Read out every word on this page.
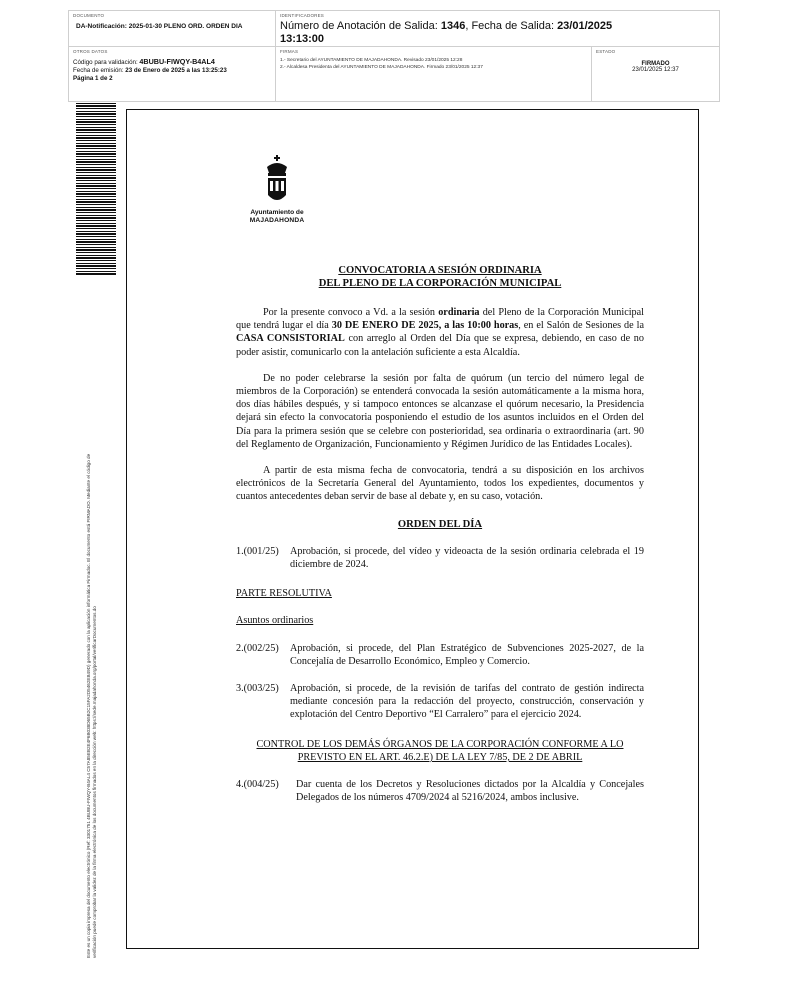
DOCUMENTO
DA-Notificación: 2025-01-30 PLENO ORD. ORDEN DIA
IDENTIFICADORES
Número de Anotación de Salida: 1346, Fecha de Salida: 23/01/2025
13:13:00
OTROS DATOS
Código para validación: 4BUBU-FIWQY-B4AL4
Fecha de emisión: 23 de Enero de 2025 a las 13:25:23
Página 1 de 2
FIRMAS
1.- Secretario del AYUNTAMIENTO DE MAJADAHONDA. Revisado 23/01/2025 12:28
2.- Alcaldesa Presidenta del AYUNTAMIENTO DE MAJADAHONDA. Firmado 23/01/2025 12:37
ESTADO
FIRMADO
23/01/2025 12:37
Este es un copia impresa del documento electrónico (Ref: 3301751 4BUBU-FIWQY-B4AL4 C57A85EB2E4F6B038D65B2C15FA2D5462EB49D) generado con la aplicación informática Firmadoc. El documento está FIRMADO. Mediante el código de verificación puede comprobar la validez de la firma electrónica de los documentos firmados en la dirección web: https://sede.majadahonda.org/portal/verificarDocumentos.do
Ayuntamiento de
MAJADAHONDA

CONVOCATORIA A SESIÓN ORDINARIA

DEL PLENO DE LA CORPORACIÓN MUNICIPAL

Por la presente convoco a Vd. a la sesión ordinaria del Pleno de la Corporación Municipal que tendrá lugar el día 30 DE ENERO DE 2025, a las 10:00 horas, en el Salón de Sesiones de la CASA CONSISTORIAL con arreglo al Orden del Día que se expresa, debiendo, en caso de no poder asistir, comunicarlo con la antelación suficiente a esta Alcaldía.

De no poder celebrarse la sesión por falta de quórum (un tercio del número legal de miembros de la Corporación) se entenderá convocada la sesión automáticamente a la misma hora, dos días hábiles después, y si tampoco entonces se alcanzase el quórum necesario, la Presidencia dejará sin efecto la convocatoria posponiendo el estudio de los asuntos incluidos en el Orden del Día para la primera sesión que se celebre con posterioridad, sea ordinaria o extraordinaria (art. 90 del Reglamento de Organización, Funcionamiento y Régimen Jurídico de las Entidades Locales).

A partir de esta misma fecha de convocatoria, tendrá a su disposición en los archivos electrónicos de la Secretaría General del Ayuntamiento, todos los expedientes, documentos y cuantos antecedentes deban servir de base al debate y, en su caso, votación.

ORDEN DEL DÍA

1.(001/25)	Aprobación, si procede, del vídeo y videoacta de la sesión ordinaria celebrada el 19 diciembre de 2024.

PARTE RESOLUTIVA

Asuntos ordinarios

2.(002/25)	Aprobación, si procede, del Plan Estratégico de Subvenciones 2025-2027, de la Concejalía de Desarrollo Económico, Empleo y Comercio.
3.(003/25)	Aprobación, si procede, de la revisión de tarifas del contrato de gestión indirecta mediante concesión para la redacción del proyecto, construcción, conservación y explotación del Centro Deportivo “El Carralero” para el ejercicio 2024.

CONTROL DE LOS DEMÁS ÓRGANOS DE LA CORPORACIÓN CONFORME A LO

PREVISTO EN EL ART. 46.2.E) DE LA LEY 7/85, DE 2 DE ABRIL

4.(004/25)	Dar cuenta de los Decretos y Resoluciones dictados por la Alcaldía y Concejales Delegados de los números 4709/2024 al 5216/2024, ambos inclusive.
